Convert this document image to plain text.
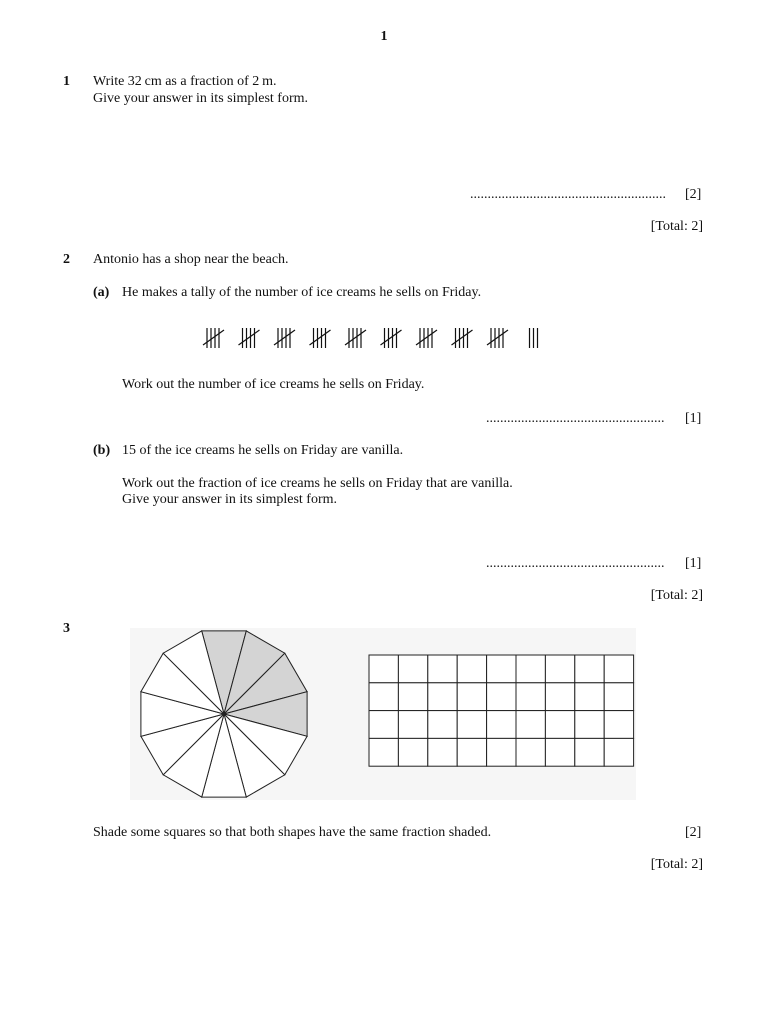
1
1 Write 32 cm as a fraction of 2 m.
Give your answer in its simplest form.
........................................................ [2]
[Total: 2]
2 Antonio has a shop near the beach.
(a) He makes a tally of the number of ice creams he sells on Friday.
Work out the number of ice creams he sells on Friday.
................................................... [1]
(b) 15 of the ice creams he sells on Friday are vanilla.
Work out the fraction of ice creams he sells on Friday that are vanilla.
Give your answer in its simplest form.
................................................... [1]
[Total: 2]
3
Shade some squares so that both shapes have the same fraction shaded.	[2]
[Total: 2]
